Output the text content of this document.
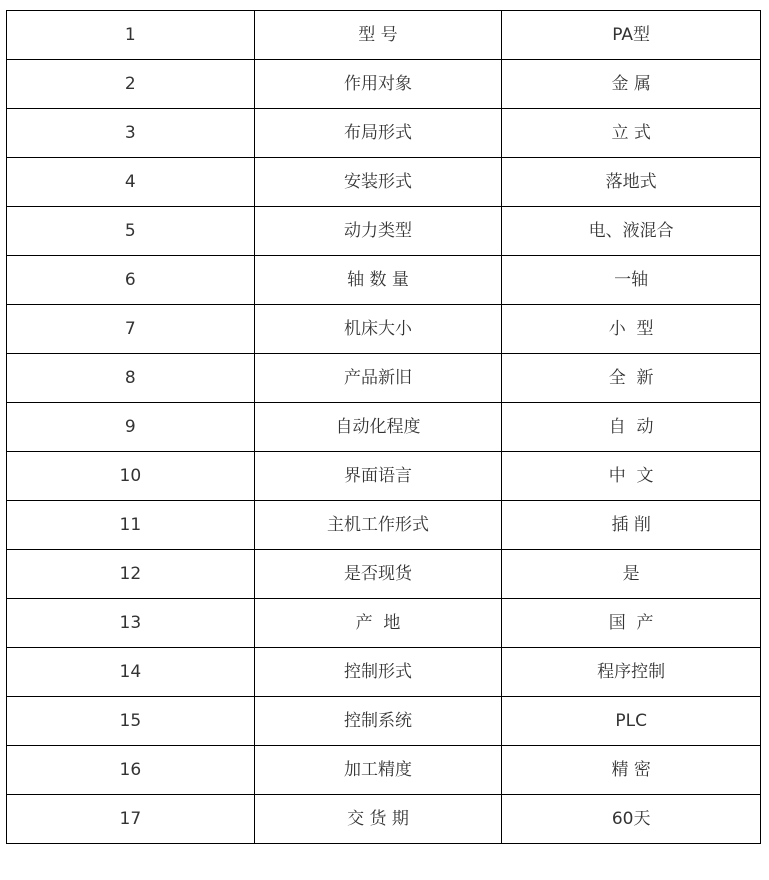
1	型 号	PA型
2	作用对象	金 属
3	布局形式	立 式
4	安装形式	落地式
5	动力类型	电、液混合
6	轴 数 量	一轴
7	机床大小	小  型
8	产品新旧	全  新
9	自动化程度	自  动
10	界面语言	中  文
11	主机工作形式	插 削
12	是否现货	是
13	产  地	国  产
14	控制形式	程序控制
15	控制系统	PLC
16	加工精度	精 密
17	交 货 期	60天
